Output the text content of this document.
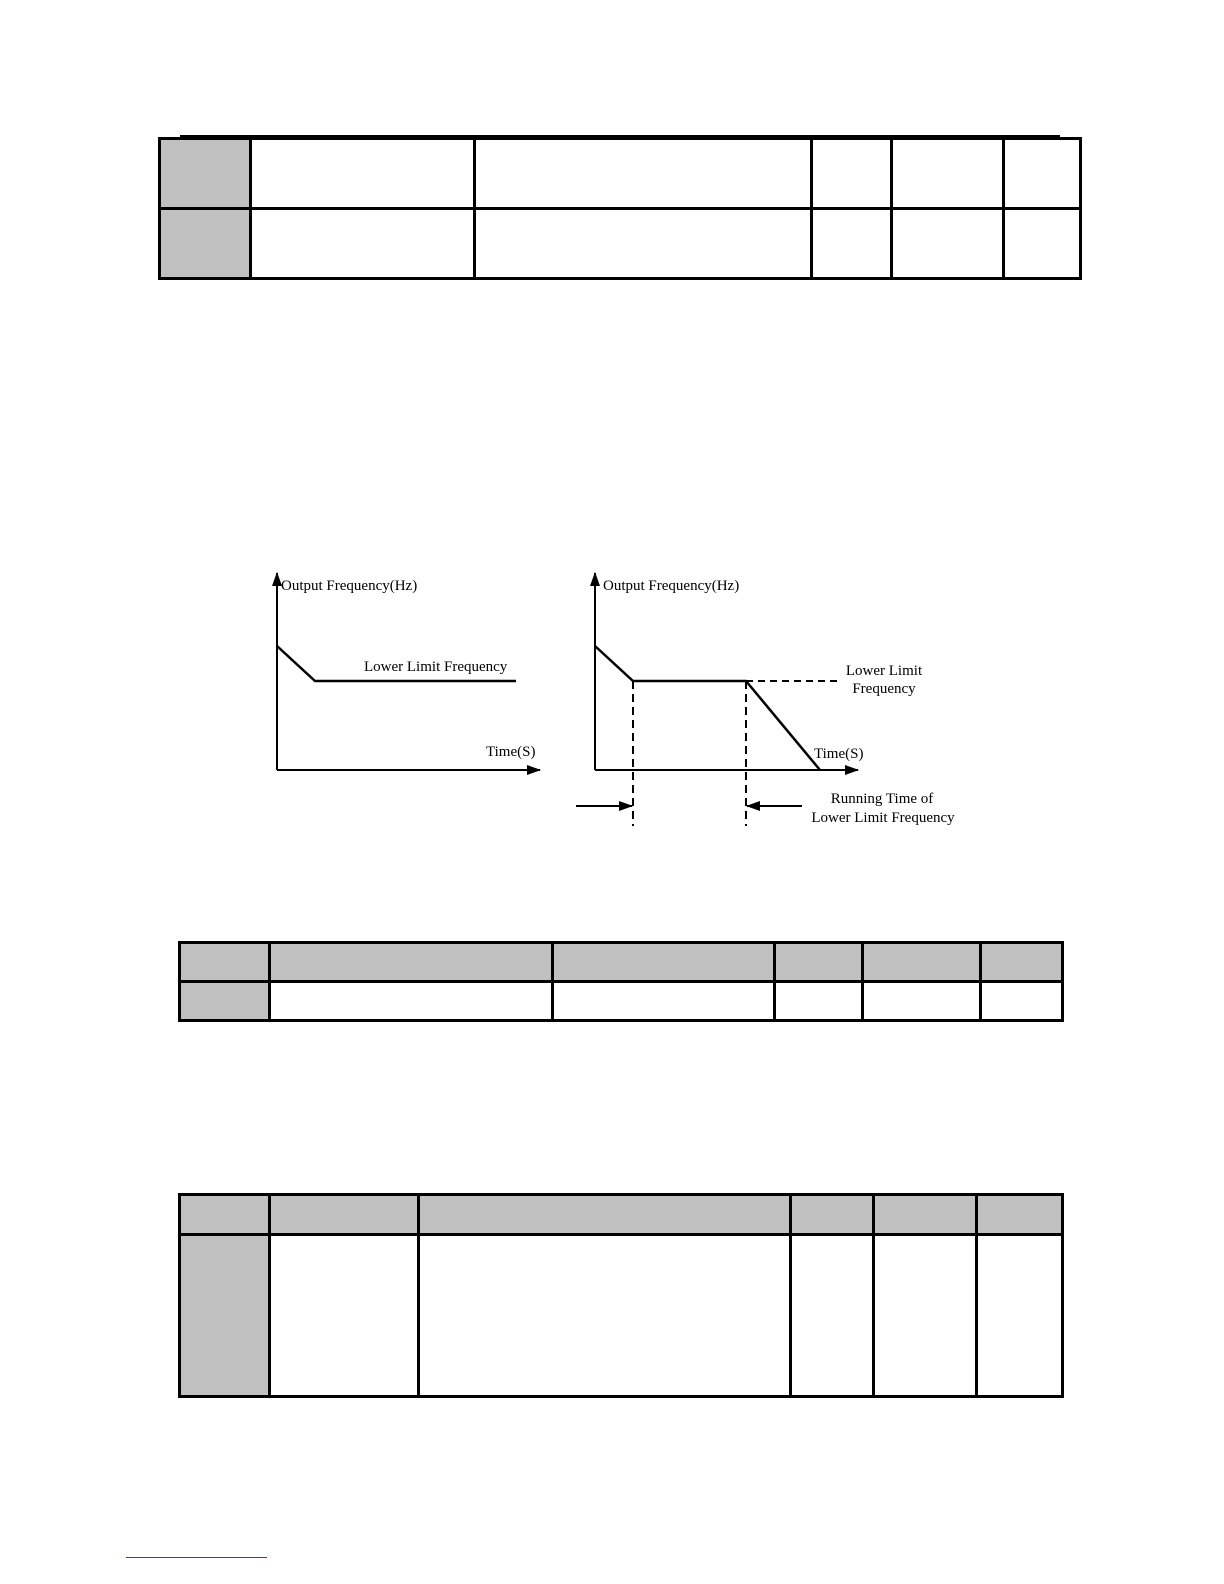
Output Frequency(Hz)
Lower Limit Frequency
Time(S)
Output Frequency(Hz)
Lower Limit
Frequency
Time(S)
Running Time of
Lower Limit Frequency
